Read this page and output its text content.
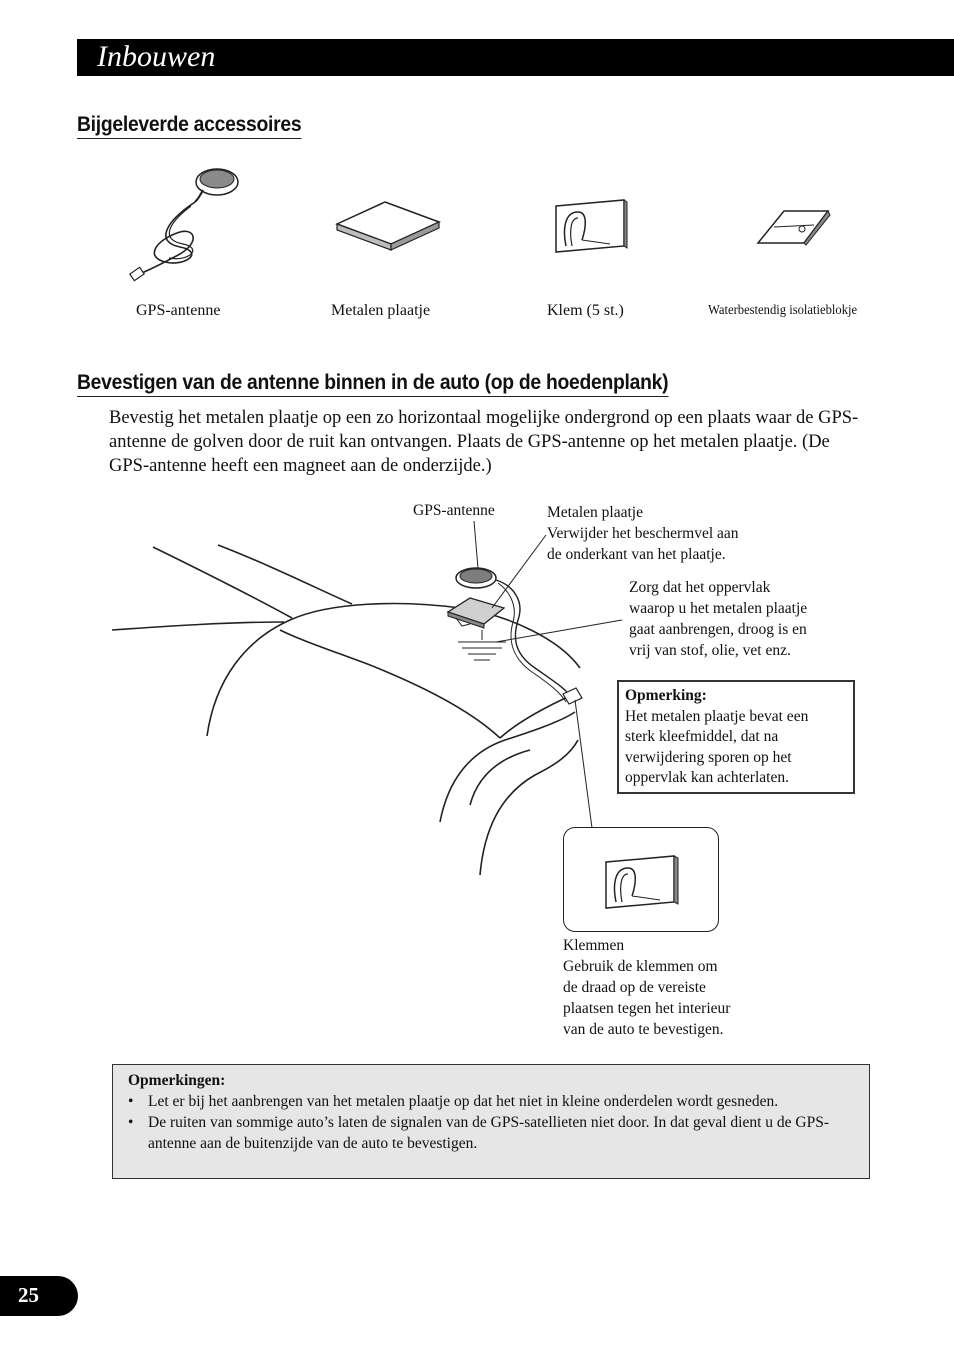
Inbouwen
Bijgeleverde accessoires
GPS-antenne	Metalen plaatje	Klem (5 st.)	Waterbestendig isolatieblokje
Bevestigen van de antenne binnen in de auto (op de hoedenplank)
Bevestig het metalen plaatje op een zo horizontaal mogelijke ondergrond op een plaats waar de GPS-antenne de golven door de ruit kan ontvangen. Plaats de GPS-antenne op het metalen plaatje. (De GPS-antenne heeft een magneet aan de onderzijde.)
GPS-antenne	Metalen plaatje
Verwijder het beschermvel aan
de onderkant van het plaatje.
Zorg dat het oppervlak
waarop u het metalen plaatje
gaat aanbrengen, droog is en
vrij van stof, olie, vet enz.
Opmerking:
Het metalen plaatje bevat een
sterk kleefmiddel, dat na
verwijdering sporen op het
oppervlak kan achterlaten.
Klemmen
Gebruik de klemmen om
de draad op de vereiste
plaatsen tegen het interieur
van de auto te bevestigen.
Opmerkingen:
• Let er bij het aanbrengen van het metalen plaatje op dat het niet in kleine onderdelen wordt gesneden.
• De ruiten van sommige auto’s laten de signalen van de GPS-satellieten niet door. In dat geval dient u de GPS-antenne aan de buitenzijde van de auto te bevestigen.
25
